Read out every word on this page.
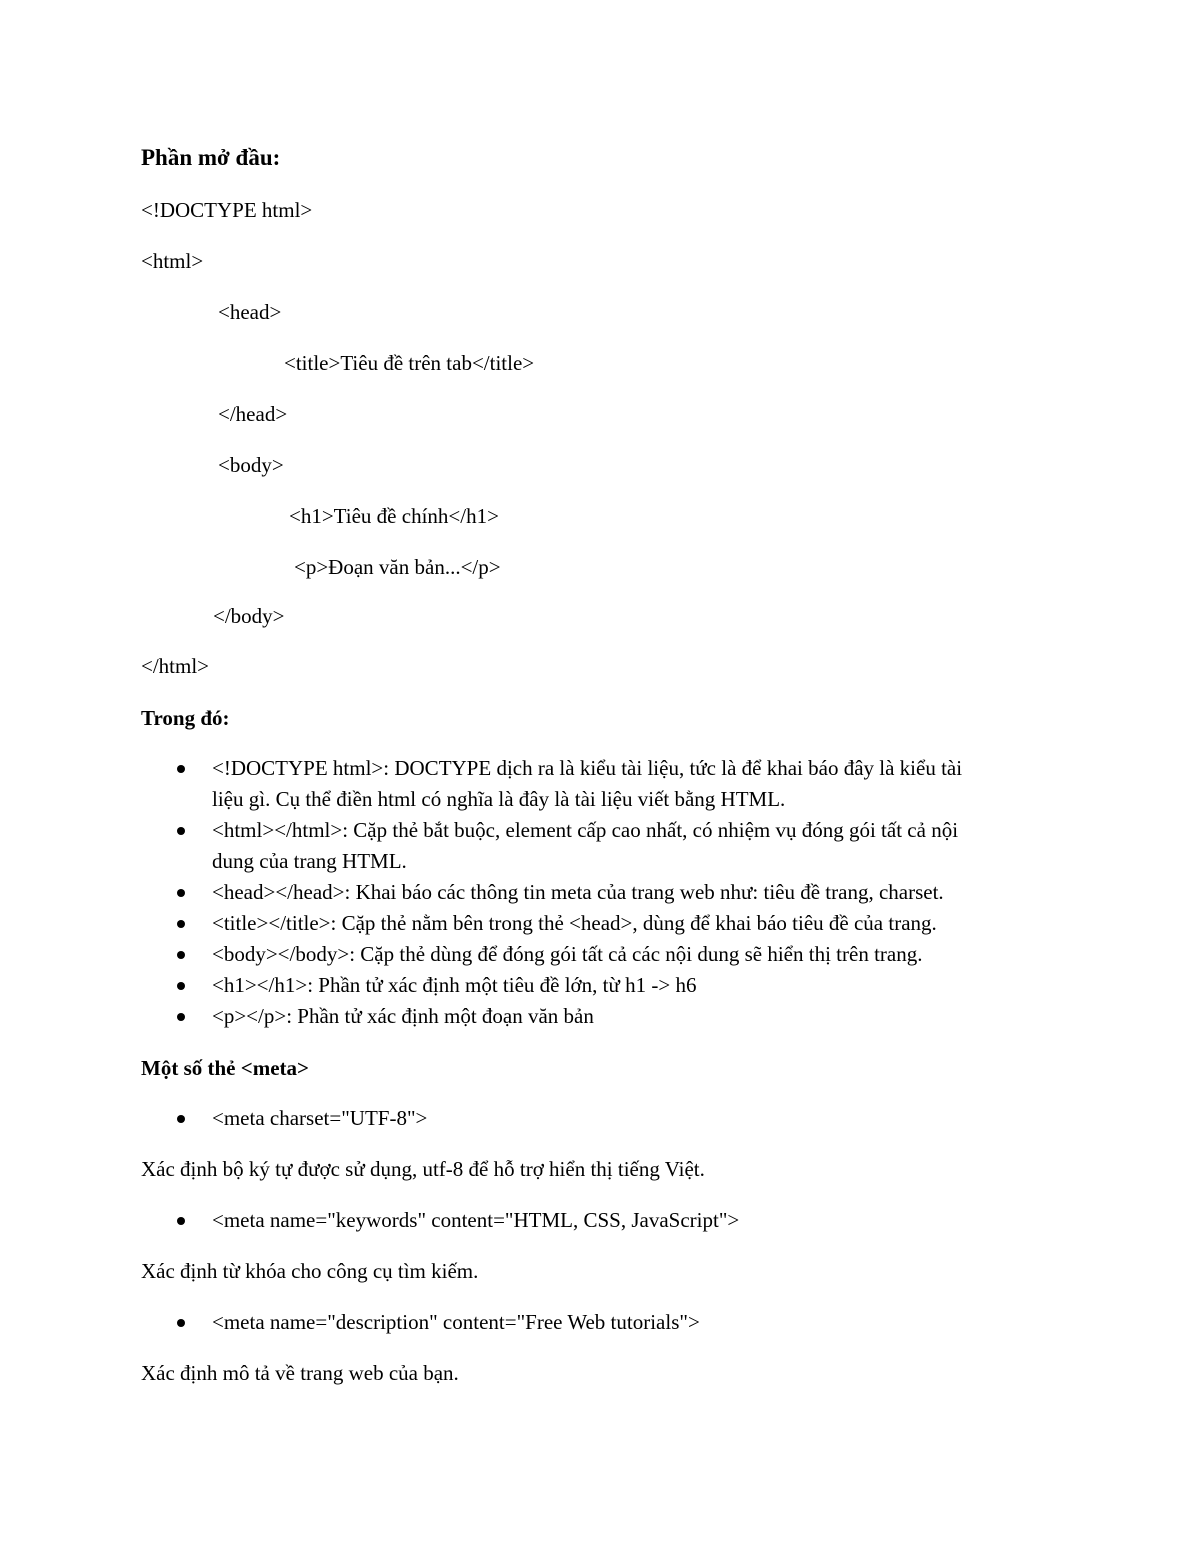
Phần mở đầu:
<!DOCTYPE html>
<html>
<head>
<title>Tiêu đề trên tab</title>
</head>
<body>
<h1>Tiêu đề chính</h1>
<p>Đoạn văn bản...</p>
</body>
</html>
Trong đó:
<!DOCTYPE html>: DOCTYPE dịch ra là kiểu tài liệu, tức là để khai báo đây là kiểu tài
liệu gì. Cụ thể điền html có nghĩa là đây là tài liệu viết bằng HTML.
<html></html>: Cặp thẻ bắt buộc, element cấp cao nhất, có nhiệm vụ đóng gói tất cả nội
dung của trang HTML.
<head></head>: Khai báo các thông tin meta của trang web như: tiêu đề trang, charset.
<title></title>: Cặp thẻ nằm bên trong thẻ <head>, dùng để khai báo tiêu đề của trang.
<body></body>: Cặp thẻ dùng để đóng gói tất cả các nội dung sẽ hiển thị trên trang.
<h1></h1>: Phần tử xác định một tiêu đề lớn, từ h1 -> h6
<p></p>: Phần tử xác định một đoạn văn bản
Một số thẻ <meta>
<meta charset="UTF-8">
Xác định bộ ký tự được sử dụng, utf-8 để hỗ trợ hiển thị tiếng Việt.
<meta name="keywords" content="HTML, CSS, JavaScript">
Xác định từ khóa cho công cụ tìm kiếm.
<meta name="description" content="Free Web tutorials">
Xác định mô tả về trang web của bạn.
